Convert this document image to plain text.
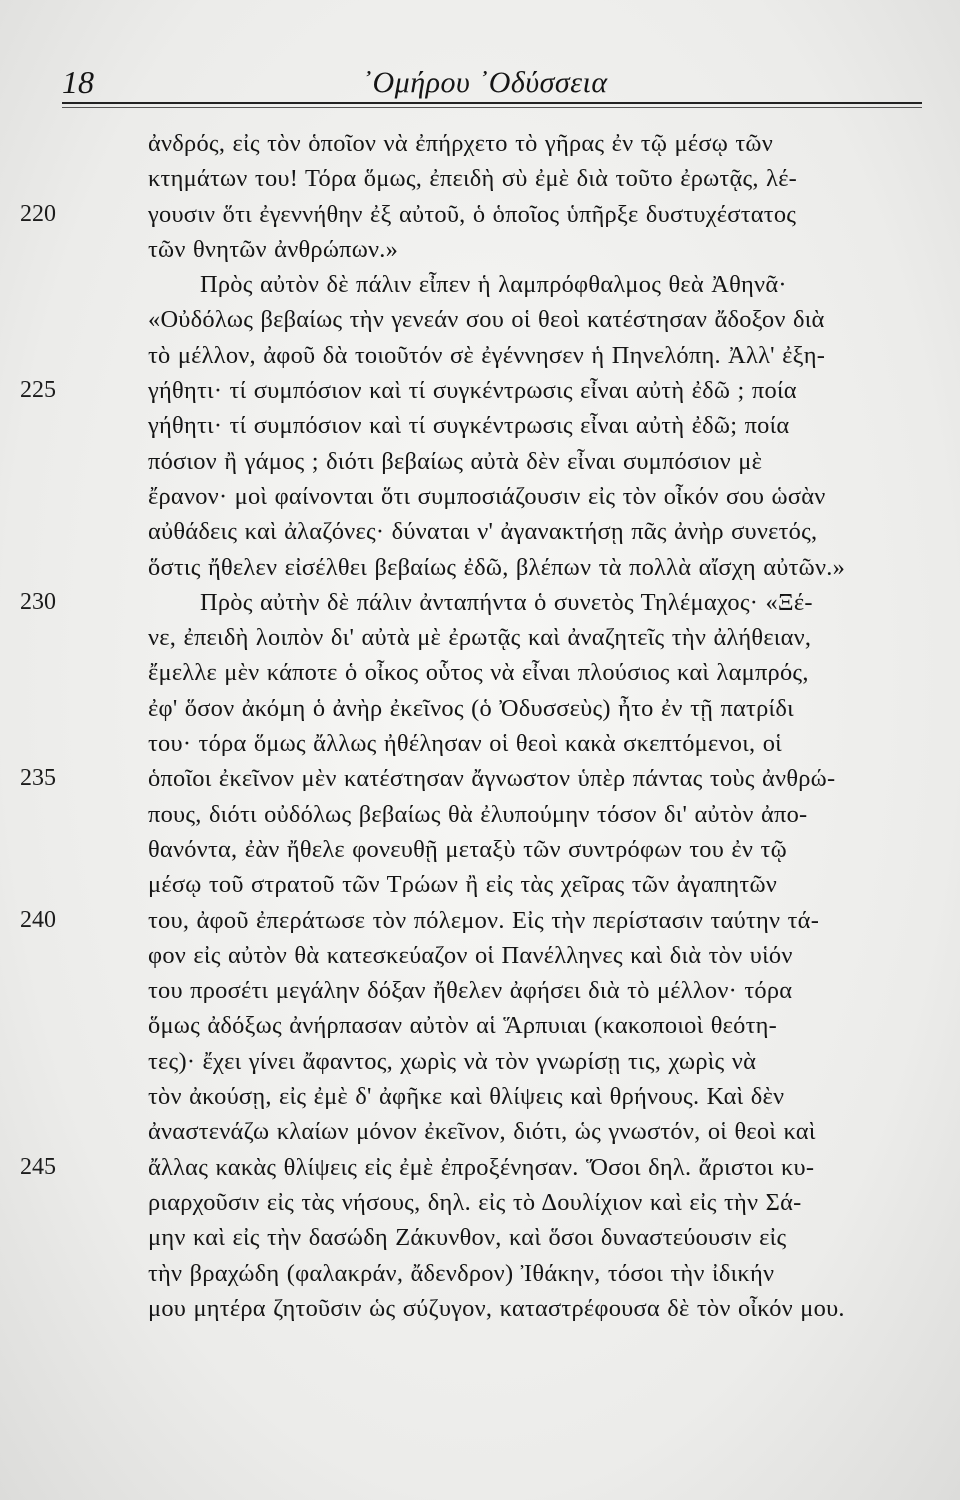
18	᾿Ομήρου ᾿Οδύσσεια
ἀνδρός, εἰς τὸν ὁποῖον νὰ ἐπήρχετο τὸ γῆρας ἐν τῷ μέσῳ τῶν
κτημάτων του! Τόρα ὅμως, ἐπειδὴ σὺ ἐμὲ διὰ τοῦτο ἐρωτᾷς, λέ-
220	γουσιν ὅτι ἐγεννήθην ἐξ αὐτοῦ, ὁ ὁποῖος ὑπῆρξε δυστυχέστατος
τῶν θνητῶν ἀνθρώπων.»
Πρὸς αὐτὸν δὲ πάλιν εἶπεν ἡ λαμπρόφθαλμος θεὰ Ἀθηνᾶ·
«Οὐδόλως βεβαίως τὴν γενεάν σου οἱ θεοὶ κατέστησαν ἄδοξον διὰ
τὸ μέλλον, ἀφοῦ δὰ τοιοῦτόν σὲ ἐγέννησεν ἡ Πηνελόπη. Ἀλλ' ἐξη-
225	γήθητι· τί συμπόσιον καὶ τί συγκέντρωσις εἶναι αὐτὴ ἐδῶ ; ποία
γήθητι· τί συμπόσιον καὶ τί συγκέντρωσις εἶναι αὐτὴ ἐδῶ; ποία
πόσιον ἢ γάμος ; διότι βεβαίως αὐτὰ δὲν εἶναι συμπόσιον μὲ
ἔρανον· μοὶ φαίνονται ὅτι συμποσιάζουσιν εἰς τὸν οἶκόν σου ὡσὰν
αὐθάδεις καὶ ἀλαζόνες· δύναται ν' ἀγανακτήσῃ πᾶς ἀνὴρ συνετός,
ὅστις ἤθελεν εἰσέλθει βεβαίως ἐδῶ, βλέπων τὰ πολλὰ αἴσχη αὐτῶν.»
230	Πρὸς αὐτὴν δὲ πάλιν ἀνταπήντα ὁ συνετὸς Τηλέμαχος· «Ξέ-
νε, ἐπειδὴ λοιπὸν δι' αὐτὰ μὲ ἐρωτᾷς καὶ ἀναζητεῖς τὴν ἀλήθειαν,
ἔμελλε μὲν κάποτε ὁ οἶκος οὗτος νὰ εἶναι πλούσιος καὶ λαμπρός,
ἐφ' ὅσον ἀκόμη ὁ ἀνὴρ ἐκεῖνος (ὁ Ὀδυσσεὺς) ἦτο ἐν τῇ πατρίδι
του· τόρα ὅμως ἄλλως ἠθέλησαν οἱ θεοὶ κακὰ σκεπτόμενοι, οἱ
235	ὁποῖοι ἐκεῖνον μὲν κατέστησαν ἄγνωστον ὑπὲρ πάντας τοὺς ἀνθρώ-
πους, διότι οὐδόλως βεβαίως θὰ ἐλυπούμην τόσον δι' αὐτὸν ἀπο-
θανόντα, ἐὰν ἤθελε φονευθῇ μεταξὺ τῶν συντρόφων του ἐν τῷ
μέσῳ τοῦ στρατοῦ τῶν Τρώων ἢ εἰς τὰς χεῖρας τῶν ἀγαπητῶν
240	του, ἀφοῦ ἐπεράτωσε τὸν πόλεμον. Εἰς τὴν περίστασιν ταύτην τά-
φον εἰς αὐτὸν θὰ κατεσκεύαζον οἱ Πανέλληνες καὶ διὰ τὸν υἱόν
του προσέτι μεγάλην δόξαν ἤθελεν ἀφήσει διὰ τὸ μέλλον· τόρα
ὅμως ἀδόξως ἀνήρπασαν αὐτὸν αἱ Ἅρπυιαι (κακοποιοὶ θεότη-
τες)· ἔχει γίνει ἄφαντος, χωρὶς νὰ τὸν γνωρίσῃ τις, χωρὶς νὰ
τὸν ἀκούσῃ, εἰς ἐμὲ δ' ἀφῆκε καὶ θλίψεις καὶ θρήνους. Καὶ δὲν
ἀναστενάζω κλαίων μόνον ἐκεῖνον, διότι, ὡς γνωστόν, οἱ θεοὶ καὶ
245	ἄλλας κακὰς θλίψεις εἰς ἐμὲ ἐπροξένησαν. Ὅσοι δηλ. ἄριστοι κυ-
ριαρχοῦσιν εἰς τὰς νήσους, δηλ. εἰς τὸ Δουλίχιον καὶ εἰς τὴν Σά-
μην καὶ εἰς τὴν δασώδη Ζάκυνθον, καὶ ὅσοι δυναστεύουσιν εἰς
τὴν βραχώδη (φαλακράν, ἄδενδρον) Ἰθάκην, τόσοι τὴν ἰδικήν
μου μητέρα ζητοῦσιν ὡς σύζυγον, καταστρέφουσα δὲ τὸν οἶκόν μου.
